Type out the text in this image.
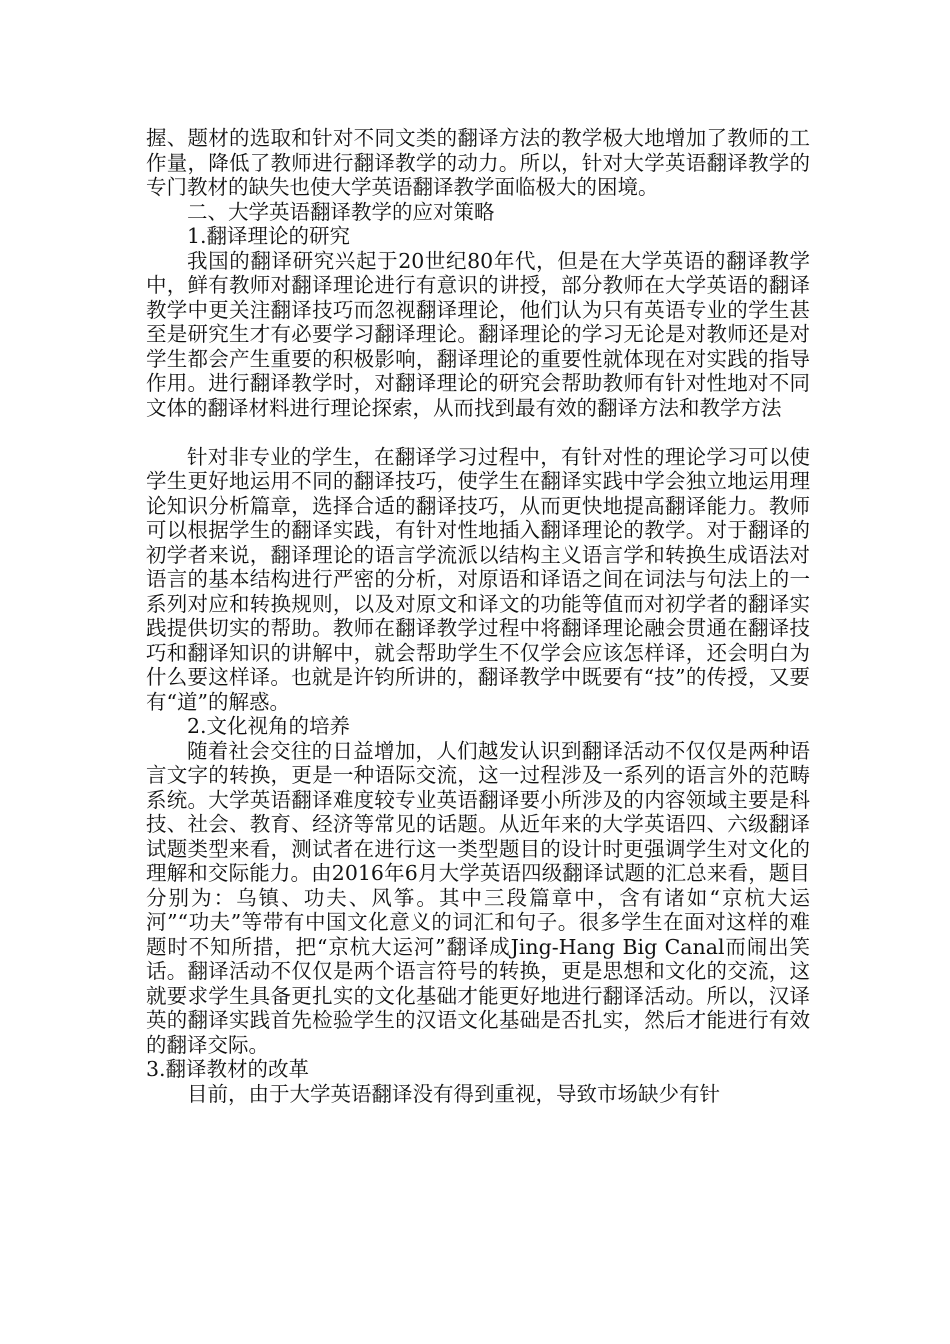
握、题材的选取和针对不同文类的翻译方法的教学极大地增加了教师的工作量，降低了教师进行翻译教学的动力。所以，针对大学英语翻译教学的专门教材的缺失也使大学英语翻译教学面临极大的困境。

二、大学英语翻译教学的应对策略

1.翻译理论的研究

我国的翻译研究兴起于20世纪80年代，但是在大学英语的翻译教学中，鲜有教师对翻译理论进行有意识的讲授，部分教师在大学英语的翻译教学中更关注翻译技巧而忽视翻译理论，他们认为只有英语专业的学生甚至是研究生才有必要学习翻译理论。翻译理论的学习无论是对教师还是对学生都会产生重要的积极影响，翻译理论的重要性就体现在对实践的指导作用。进行翻译教学时，对翻译理论的研究会帮助教师有针对性地对不同文体的翻译材料进行理论探索，从而找到最有效的翻译方法和教学方法

针对非专业的学生，在翻译学习过程中，有针对性的理论学习可以使学生更好地运用不同的翻译技巧，使学生在翻译实践中学会独立地运用理论知识分析篇章，选择合适的翻译技巧，从而更快地提高翻译能力。教师可以根据学生的翻译实践，有针对性地插入翻译理论的教学。对于翻译的初学者来说，翻译理论的语言学流派以结构主义语言学和转换生成语法对语言的基本结构进行严密的分析，对原语和译语之间在词法与句法上的一系列对应和转换规则，以及对原文和译文的功能等值而对初学者的翻译实践提供切实的帮助。教师在翻译教学过程中将翻译理论融会贯通在翻译技巧和翻译知识的讲解中，就会帮助学生不仅学会应该怎样译，还会明白为什么要这样译。也就是许钧所讲的，翻译教学中既要有“技”的传授，又要有“道”的解惑。

2.文化视角的培养

随着社会交往的日益增加，人们越发认识到翻译活动不仅仅是两种语言文字的转换，更是一种语际交流，这一过程涉及一系列的语言外的范畴系统。大学英语翻译难度较专业英语翻译要小所涉及的内容领域主要是科技、社会、教育、经济等常见的话题。从近年来的大学英语四、六级翻译试题类型来看，测试者在进行这一类型题目的设计时更强调学生对文化的理解和交际能力。由2016年6月大学英语四级翻译试题的汇总来看，题目分别为：乌镇、功夫、风筝。其中三段篇章中，含有诸如“京杭大运河”“功夫”等带有中国文化意义的词汇和句子。很多学生在面对这样的难题时不知所措，把“京杭大运河”翻译成Jing-Hang Big Canal而闹出笑话。翻译活动不仅仅是两个语言符号的转换，更是思想和文化的交流，这就要求学生具备更扎实的文化基础才能更好地进行翻译活动。所以，汉译英的翻译实践首先检验学生的汉语文化基础是否扎实，然后才能进行有效的翻译交际。

3.翻译教材的改革

目前，由于大学英语翻译没有得到重视，导致市场缺少有针
